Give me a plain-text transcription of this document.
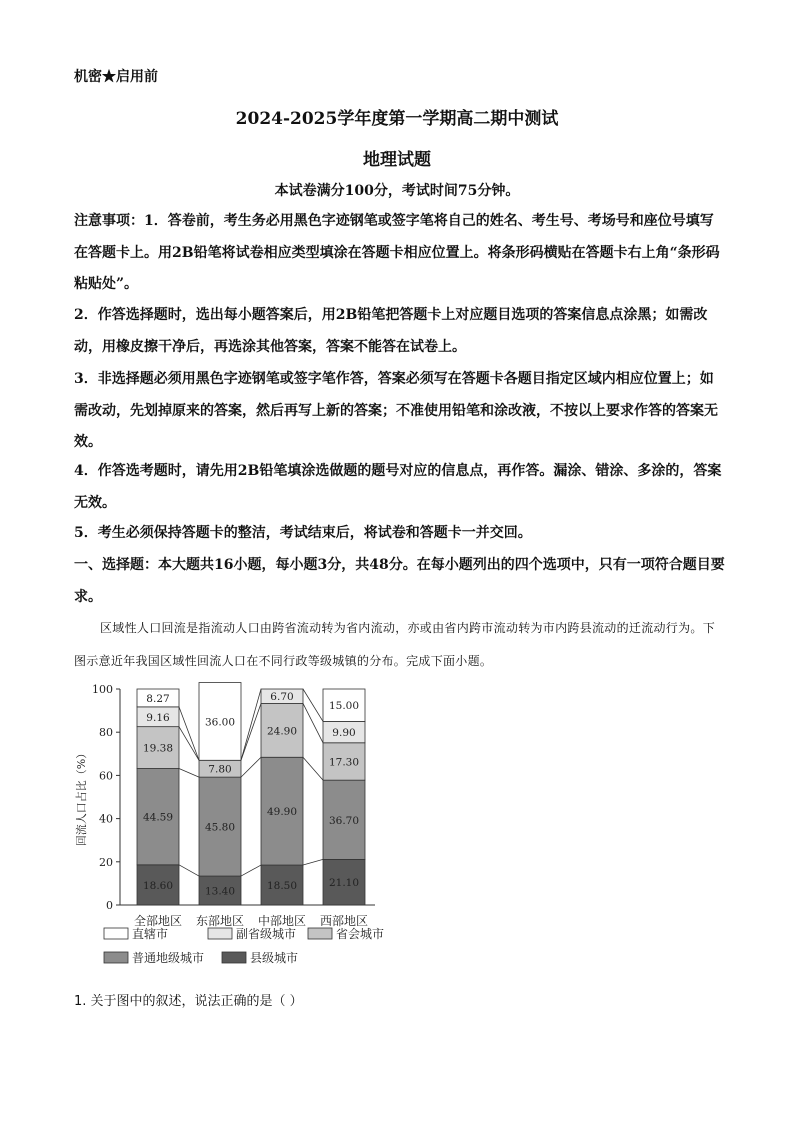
机密★启用前
2024-2025学年度第一学期高二期中测试
地理试题
本试卷满分100分，考试时间75分钟。
注意事项：1．答卷前，考生务必用黑色字迹钢笔或签字笔将自己的姓名、考生号、考场号和座位号填写在答题卡上。用2B铅笔将试卷相应类型填涂在答题卡相应位置上。将条形码横贴在答题卡右上角“条形码粘贴处”。
2．作答选择题时，选出每小题答案后，用2B铅笔把答题卡上对应题目选项的答案信息点涂黑；如需改动，用橡皮擦干净后，再选涂其他答案，答案不能答在试卷上。
3．非选择题必须用黑色字迹钢笔或签字笔作答，答案必须写在答题卡各题目指定区域内相应位置上；如需改动，先划掉原来的答案，然后再写上新的答案；不准使用铅笔和涂改液，不按以上要求作答的答案无效。
4．作答选考题时，请先用2B铅笔填涂选做题的题号对应的信息点，再作答。漏涂、错涂、多涂的，答案无效。
5．考生必须保持答题卡的整洁，考试结束后，将试卷和答题卡一并交回。
一、选择题：本大题共16小题，每小题3分，共48分。在每小题列出的四个选项中，只有一项符合题目要求。
区域性人口回流是指流动人口由跨省流动转为省内流动，亦或由省内跨市流动转为市内跨县流动的迁流动行为。下图示意近年我国区域性回流人口在不同行政等级城镇的分布。完成下面小题。
0
20
40
60
80
100
回流人口占比（%）
18.60
44.59
19.38
9.16
8.27
13.40
45.80
7.80
36.00
18.50
49.90
24.90
6.70
21.10
36.70
17.30
9.90
15.00
全部地区 东部地区 中部地区 西部地区
直辖市	副省级城市	省会城市
普通地级城市	县级城市
1. 关于图中的叙述，说法正确的是（ ）
